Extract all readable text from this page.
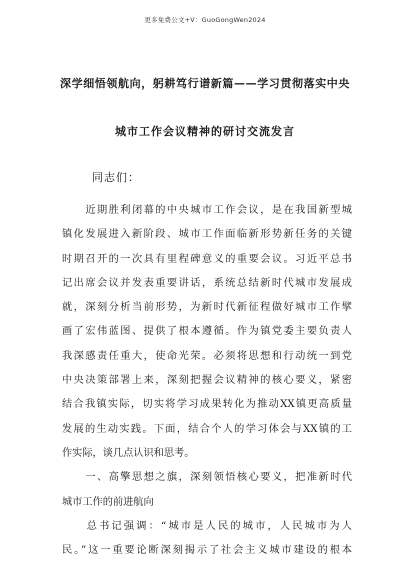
更多免费公文+V：GuoGongWen2024
深学细悟领航向，躬耕笃行谱新篇——学习贯彻落实中央
城市工作会议精神的研讨交流发言
同志们：
　　近期胜利闭幕的中央城市工作会议，是在我国新型城
镇化发展进入新阶段、城市工作面临新形势新任务的关键
时期召开的一次具有里程碑意义的重要会议。习近平总书
记出席会议并发表重要讲话，系统总结新时代城市发展成
就，深刻分析当前形势，为新时代新征程做好城市工作擘
画了宏伟蓝图、提供了根本遵循。作为镇党委主要负责人
我深感责任重大，使命光荣。必须将思想和行动统一到党
中央决策部署上来，深刻把握会议精神的核心要义，紧密
结合我镇实际，切实将学习成果转化为推动XX镇更高质量
发展的生动实践。下面，结合个人的学习体会与XX镇的工
作实际，谈几点认识和思考。
　　一、高擎思想之旗，深刻领悟核心要义，把准新时代
城市工作的前进航向
　　总书记强调：“城市是人民的城市，人民城市为人
民。”这一重要论断深刻揭示了社会主义城市建设的根本
